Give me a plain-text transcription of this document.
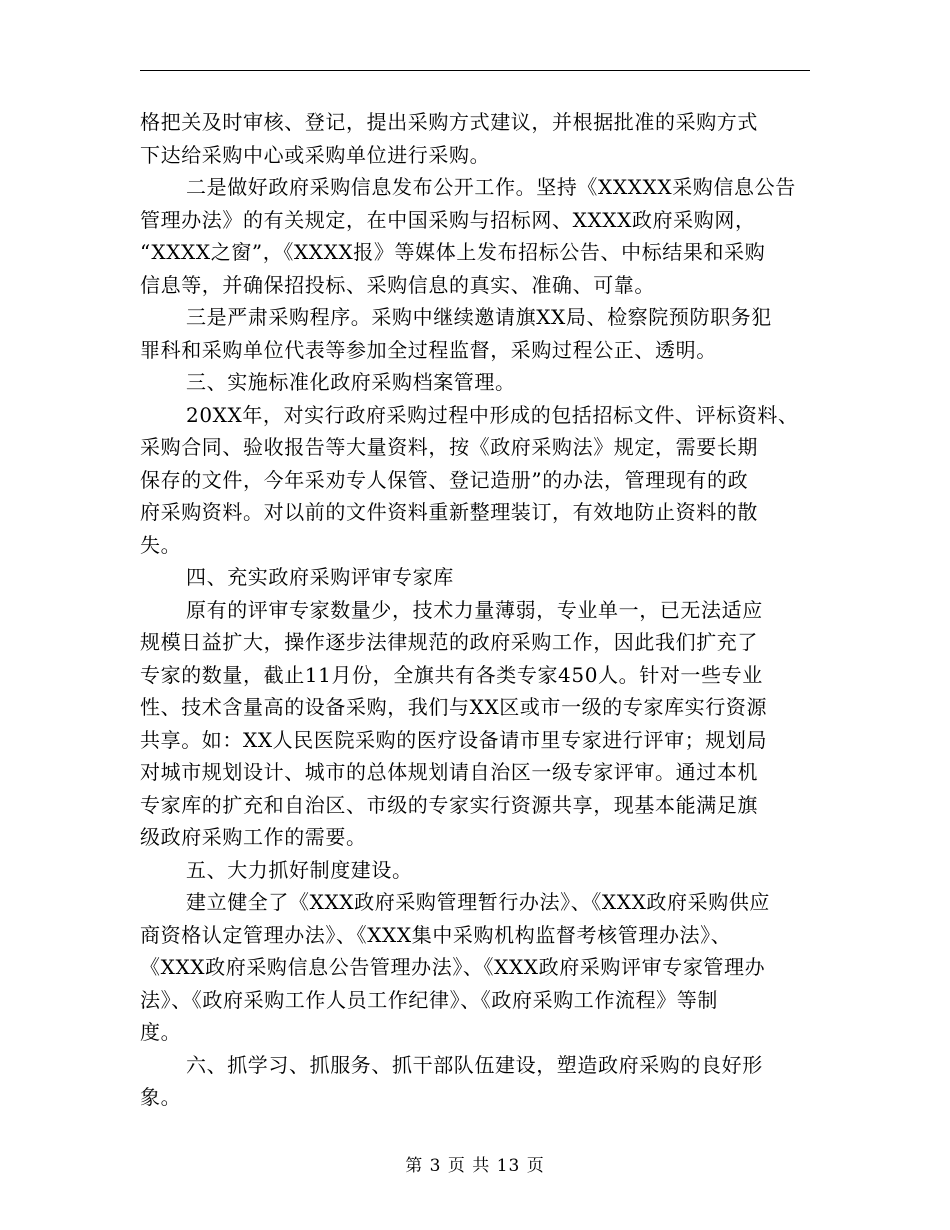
格把关及时审核、登记，提出采购方式建议，并根据批准的采购方式
下达给采购中心或采购单位进行采购。
二是做好政府采购信息发布公开工作。坚持《XXXXX采购信息公告
管理办法》的有关规定，在中国采购与招标网、XXXX政府采购网，
“XXXX之窗”，《XXXX报》等媒体上发布招标公告、中标结果和采购
信息等，并确保招投标、采购信息的真实、准确、可靠。
三是严肃采购程序。采购中继续邀请旗XX局、检察院预防职务犯
罪科和采购单位代表等参加全过程监督，采购过程公正、透明。
三、实施标准化政府采购档案管理。
20XX年，对实行政府采购过程中形成的包括招标文件、评标资料、
采购合同、验收报告等大量资料，按《政府采购法》规定，需要长期
保存的文件，今年采劝专人保管、登记造册”的办法，管理现有的政
府采购资料。对以前的文件资料重新整理装订，有效地防止资料的散
失。
四、充实政府采购评审专家库
原有的评审专家数量少，技术力量薄弱，专业单一，已无法适应
规模日益扩大，操作逐步法律规范的政府采购工作，因此我们扩充了
专家的数量，截止11月份，全旗共有各类专家450人。针对一些专业
性、技术含量高的设备采购，我们与XX区或市一级的专家库实行资源
共享。如：XX人民医院采购的医疗设备请市里专家进行评审；规划局
对城市规划设计、城市的总体规划请自治区一级专家评审。通过本机
专家库的扩充和自治区、市级的专家实行资源共享，现基本能满足旗
级政府采购工作的需要。
五、大力抓好制度建设。
建立健全了《XXX政府采购管理暂行办法》、《XXX政府采购供应
商资格认定管理办法》、《XXX集中采购机构监督考核管理办法》、
《XXX政府采购信息公告管理办法》、《XXX政府采购评审专家管理办
法》、《政府采购工作人员工作纪律》、《政府采购工作流程》等制
度。
六、抓学习、抓服务、抓干部队伍建设，塑造政府采购的良好形
象。
第 3 页 共 13 页
